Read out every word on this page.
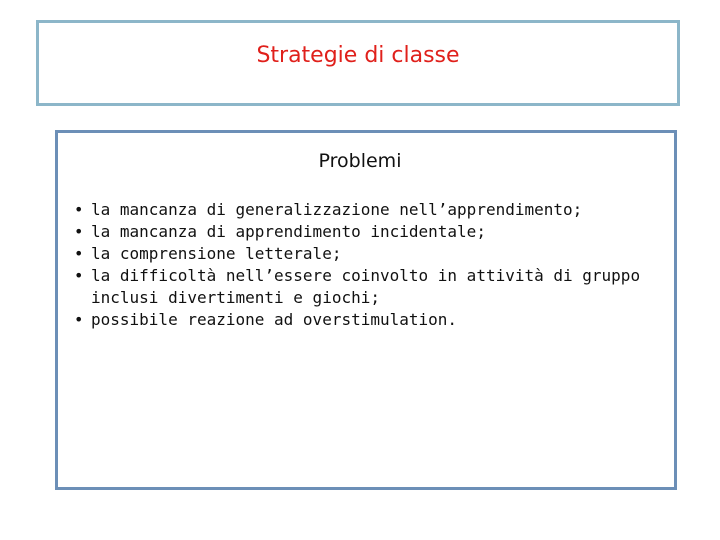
Strategie di classe
Problemi
• la mancanza di generalizzazione nell’apprendimento;
• la mancanza di apprendimento incidentale;
• la comprensione letterale;
• la difficoltà nell’essere coinvolto in attività di gruppo inclusi divertimenti e giochi;
• possibile reazione ad overstimulation.
